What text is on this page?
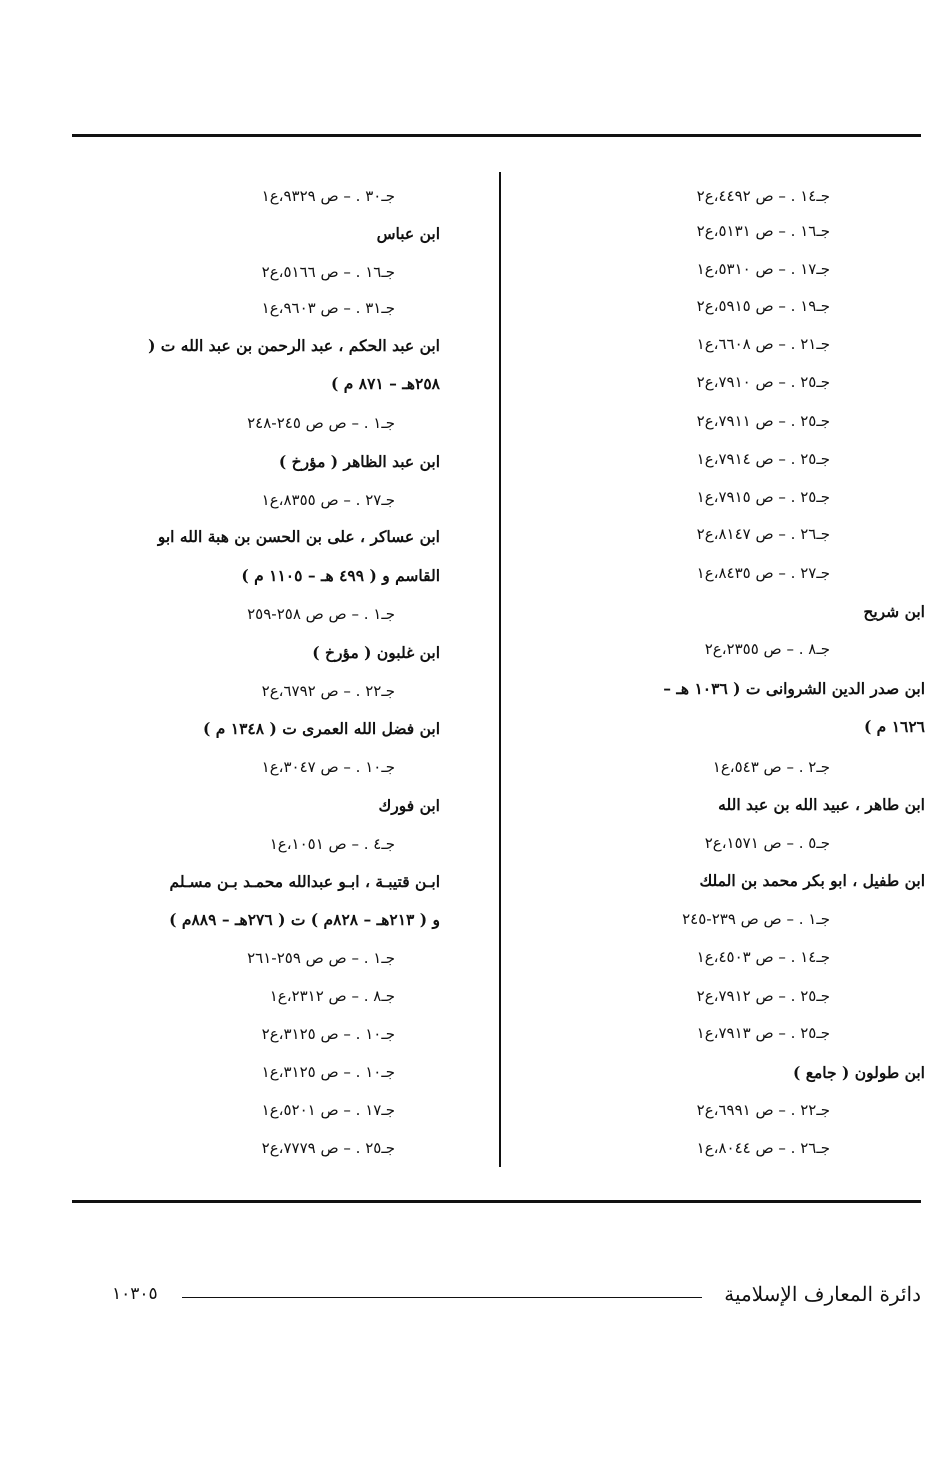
جـ١٤ . – ص ٤٤٩٢،ع٢
جـ١٦ . – ص ٥١٣١،ع٢
جـ١٧ . – ص ٥٣١٠،ع١
جـ١٩ . – ص ٥٩١٥،ع٢
جـ٢١ . – ص ٦٦٠٨،ع١
جـ٢٥ . – ص ٧٩١٠،ع٢
جـ٢٥ . – ص ٧٩١١،ع٢
جـ٢٥ . – ص ٧٩١٤،ع١
جـ٢٥ . – ص ٧٩١٥،ع١
جـ٢٦ . – ص ٨١٤٧،ع٢
جـ٢٧ . – ص ٨٤٣٥،ع١
ابن شريح
جـ٨ . – ص ٢٣٥٥،ع٢
ابن صدر الدين الشروانى ت ( ١٠٣٦ هـ –
١٦٢٦ م )
جـ٢ . – ص ٥٤٣،ع١
ابن طاهر ، عبيد الله بن عبد الله
جـ٥ . – ص ١٥٧١،ع٢
ابن طفيل ، ابو بكر محمد بن الملك
جـ١ . – ص ص ٢٣٩-٢٤٥
جـ١٤ . – ص ٤٥٠٣،ع١
جـ٢٥ . – ص ٧٩١٢،ع٢
جـ٢٥ . – ص ٧٩١٣،ع١
ابن طولون ( جامع )
جـ٢٢ . – ص ٦٩٩١،ع٢
جـ٢٦ . – ص ٨٠٤٤،ع١
جـ٣٠ . – ص ٩٣٢٩،ع١
ابن عباس
جـ١٦ . – ص ٥١٦٦،ع٢
جـ٣١ . – ص ٩٦٠٣،ع١
ابن عبد الحكم ، عبد الرحمن بن عبد الله ت (
٢٥٨هـ – ٨٧١ م )
جـ١ . – ص ص ٢٤٥-٢٤٨
ابن عبد الظاهر ( مؤرخ )
جـ٢٧ . – ص ٨٣٥٥،ع١
ابن عساكر ، على بن الحسن بن هبة الله ابو
القاسم و ( ٤٩٩ هـ – ١١٠٥ م )
جـ١ . – ص ص ٢٥٨-٢٥٩
ابن غلبون ( مؤرخ )
جـ٢٢ . – ص ٦٧٩٢،ع٢
ابن فضل الله العمرى ت ( ١٣٤٨ م )
جـ١٠ . – ص ٣٠٤٧،ع١
ابن فورك
جـ٤ . – ص ١٠٥١،ع١
ابـن قتيبـة ، ابـو عبدالله محمـد بـن مسـلم
و ( ٢١٣هـ – ٨٢٨م ) ت ( ٢٧٦هـ – ٨٨٩م )
جـ١ . – ص ص ٢٥٩-٢٦١
جـ٨ . – ص ٢٣١٢،ع١
جـ١٠ . – ص ٣١٢٥،ع٢
جـ١٠ . – ص ٣١٢٥،ع١
جـ١٧ . – ص ٥٢٠١،ع١
جـ٢٥ . – ص ٧٧٧٩،ع٢
دائرة المعارف الإسلامية
١٠٣٠٥
